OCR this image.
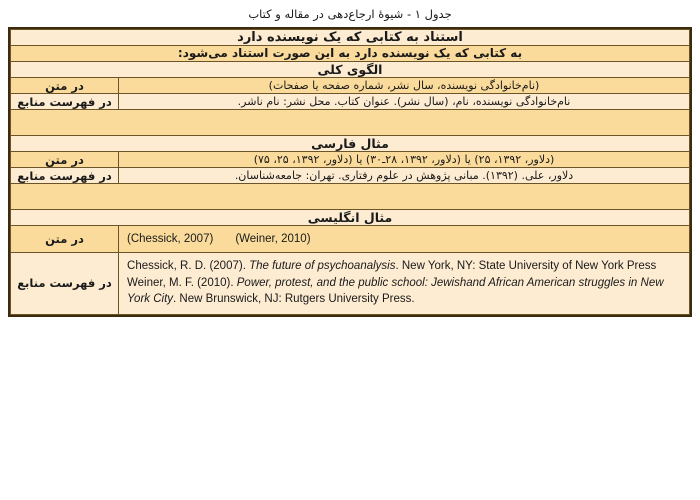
جدول ۱ - شیوهٔ ارجاع‌دهی در مقاله و کتاب
استناد به کتابی که یک نویسنده دارد	
به کتابی که یک نویسنده دارد به این صورت استناد می‌شود:	
الگوی کلی	
(نام‌خانوادگی نویسنده، سال نشر، شماره صفحه یا صفحات)	در متن
نام‌خانوادگی نویسنده، نام، (سال نشر). عنوان کتاب. محل نشر: نام ناشر.	در فهرست منابع

مثال فارسی	
(دلاور، ۱۳۹۲، ۲۵) یا (دلاور، ۱۳۹۲، ۲۸ـ۳۰) یا (دلاور، ۱۳۹۲، ۲۵، ۷۵)	در متن
دلاور، علی. (۱۳۹۲). مبانی پژوهش در علوم رفتاری. تهران: جامعه‌شناسان.	در فهرست منابع

مثال انگلیسی	
(Chessick, 2007) (Weiner, 2010)	در متن

Chessick, R. D. (2007). The future of psychoanalysis. New York, NY: State University of New York Press
Weiner, M. F. (2010). Power, protest, and the public school: Jewishand African American struggles in New York City. New Brunswick, NJ: Rutgers University Press.	در فهرست منابع
